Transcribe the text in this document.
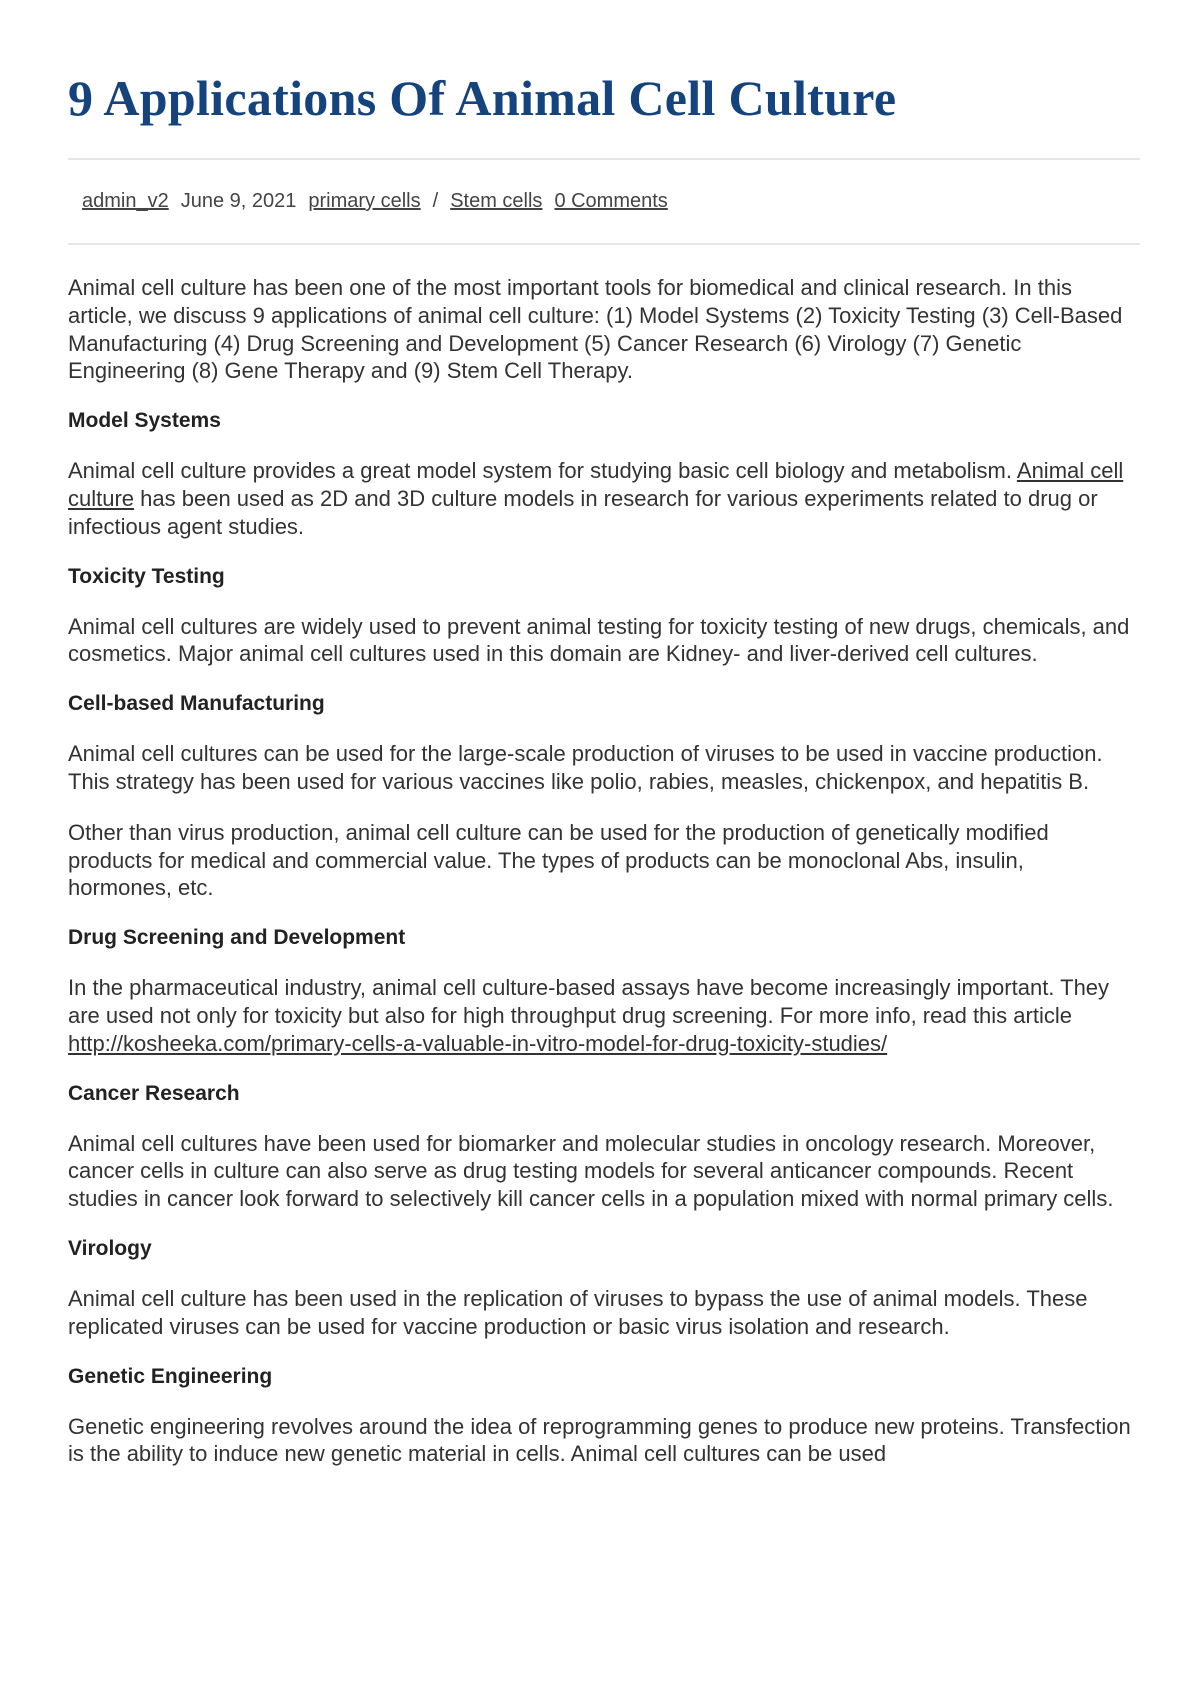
9 Applications Of Animal Cell Culture
admin_v2 June 9, 2021 primary cells / Stem cells 0 Comments

Animal cell culture has been one of the most important tools for biomedical and clinical research. In this article, we discuss 9 applications of animal cell culture: (1) Model Systems (2) Toxicity Testing (3) Cell-Based Manufacturing (4) Drug Screening and Development (5) Cancer Research (6) Virology (7) Genetic Engineering (8) Gene Therapy and (9) Stem Cell Therapy.

Model Systems

Animal cell culture provides a great model system for studying basic cell biology and metabolism. Animal cell culture has been used as 2D and 3D culture models in research for various experiments related to drug or infectious agent studies.

Toxicity Testing

Animal cell cultures are widely used to prevent animal testing for toxicity testing of new drugs, chemicals, and cosmetics. Major animal cell cultures used in this domain are Kidney- and liver-derived cell cultures.

Cell-based Manufacturing

Animal cell cultures can be used for the large-scale production of viruses to be used in vaccine production. This strategy has been used for various vaccines like polio, rabies, measles, chickenpox, and hepatitis B.

Other than virus production, animal cell culture can be used for the production of genetically modified products for medical and commercial value. The types of products can be monoclonal Abs, insulin, hormones, etc.

Drug Screening and Development

In the pharmaceutical industry, animal cell culture-based assays have become increasingly important. They are used not only for toxicity but also for high throughput drug screening. For more info, read this article http://kosheeka.com/primary-cells-a-valuable-in-vitro-model-for-drug-toxicity-studies/

Cancer Research

Animal cell cultures have been used for biomarker and molecular studies in oncology research. Moreover, cancer cells in culture can also serve as drug testing models for several anticancer compounds. Recent studies in cancer look forward to selectively kill cancer cells in a population mixed with normal primary cells.

Virology

Animal cell culture has been used in the replication of viruses to bypass the use of animal models. These replicated viruses can be used for vaccine production or basic virus isolation and research.

Genetic Engineering

Genetic engineering revolves around the idea of reprogramming genes to produce new proteins. Transfection is the ability to induce new genetic material in cells. Animal cell cultures can be used
